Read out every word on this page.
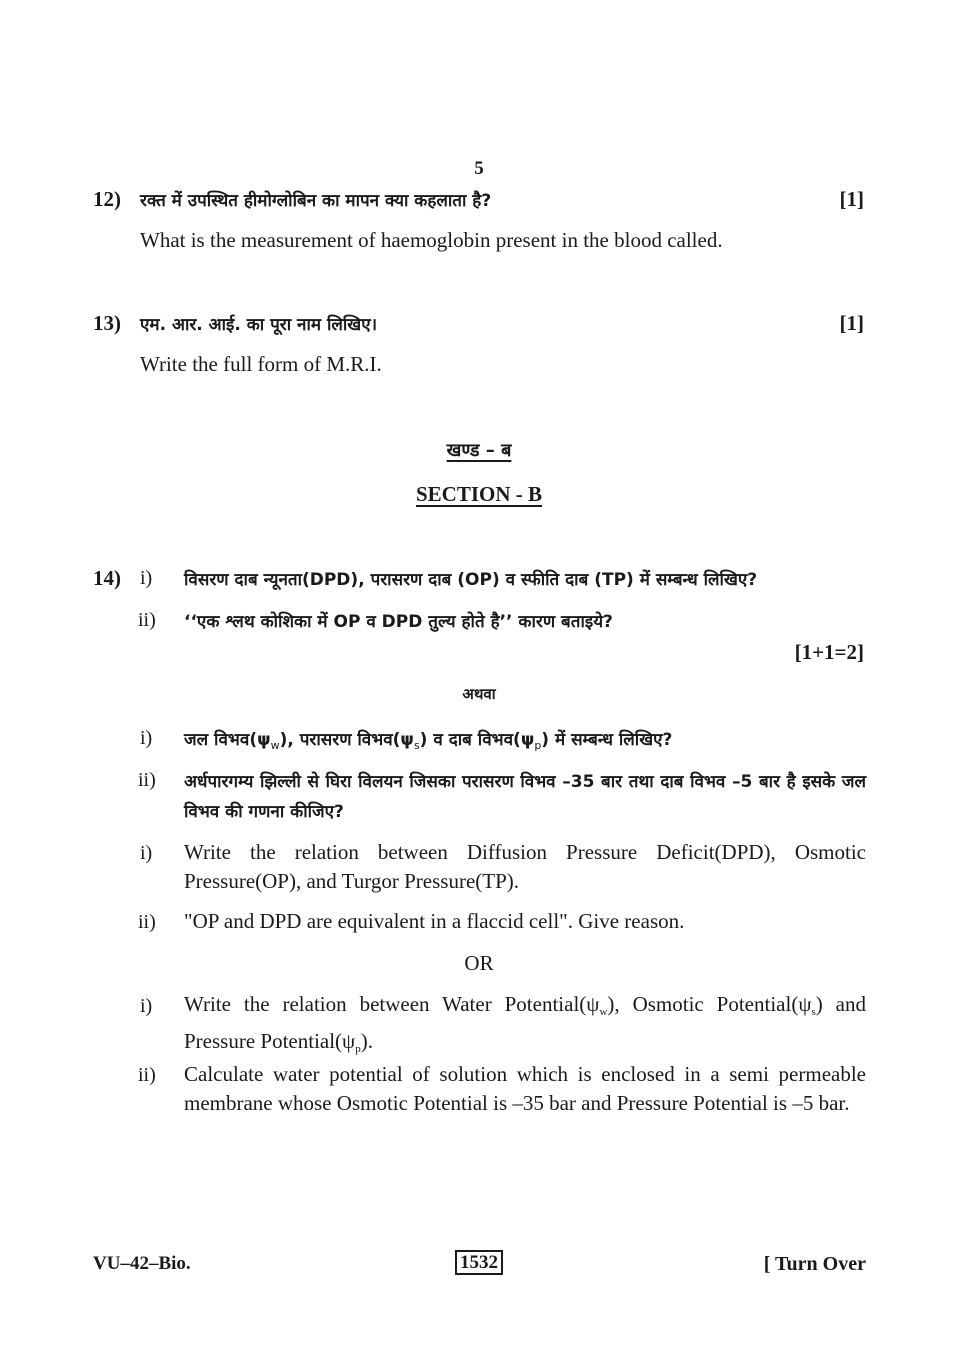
5
12) रक्त में उपस्थित हीमोग्लोबिन का मापन क्या कहलाता है?	[1]
What is the measurement of haemoglobin present in the blood called.
13) एम. आर. आई. का पूरा नाम लिखिए।	[1]
Write the full form of M.R.I.
खण्ड – ब
SECTION - B
14) i) विसरण दाब न्यूनता(DPD), परासरण दाब (OP) व स्फीति दाब (TP) में सम्बन्ध लिखिए?
ii) ‘‘एक श्लथ कोशिका में OP व DPD तुल्य होते है’’ कारण बताइये?
[1+1=2]
अथवा
i) जल $विभव(\psi_w)$, परासरण $विभव(\psi_s)$ व दाब $विभव(\psi_p)$ में सम्बन्ध लिखिए?
ii) अर्धपारगम्य झिल्ली से घिरा विलयन जिसका परासरण विभव –35 बार तथा दाब विभव –5 बार है इसके जल विभव की गणना कीजिए?
i) Write the relation between Diffusion Pressure Deficit(DPD), Osmotic Pressure(OP), and Turgor Pressure(TP).
ii) "OP and DPD are equivalent in a flaccid cell". Give reason.
OR
i) Write the relation between Water $Potential(\psi_w)$, Osmotic $Potential(\psi_s)$ and Pressure $Potential(\psi_p)$.
ii) Calculate water potential of solution which is enclosed in a semi permeable membrane whose Osmotic Potential is –35 bar and Pressure Potential is –5 bar.
VU–42–Bio.	1532	[ Turn Over
